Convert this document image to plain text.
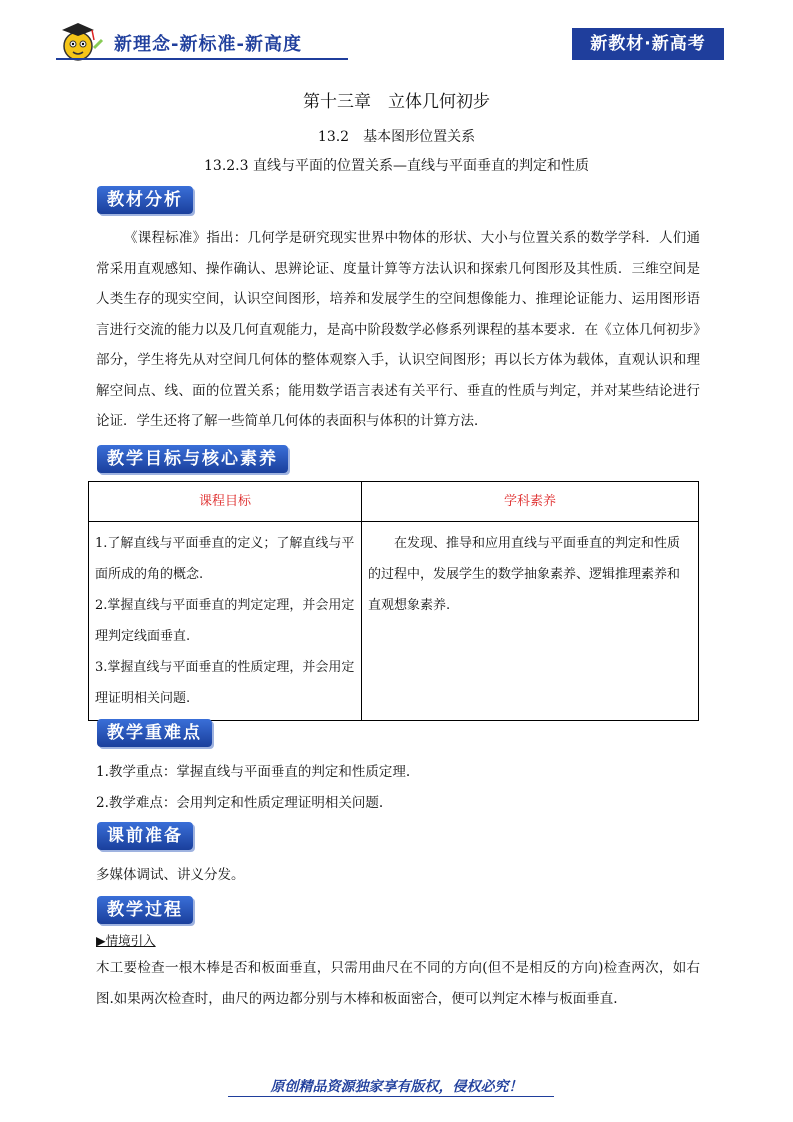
新理念-新标准-新高度	新教材·新高考
第十三章　立体几何初步
13.2　基本图形位置关系
13.2.3 直线与平面的位置关系—直线与平面垂直的判定和性质
教材分析
《课程标准》指出：几何学是研究现实世界中物体的形状、大小与位置关系的数学学科．人们通常采用直观感知、操作确认、思辨论证、度量计算等方法认识和探索几何图形及其性质．三维空间是人类生存的现实空间，认识空间图形，培养和发展学生的空间想像能力、推理论证能力、运用图形语言进行交流的能力以及几何直观能力，是高中阶段数学必修系列课程的基本要求．在《立体几何初步》部分，学生将先从对空间几何体的整体观察入手，认识空间图形；再以长方体为载体，直观认识和理解空间点、线、面的位置关系；能用数学语言表述有关平行、垂直的性质与判定，并对某些结论进行论证．学生还将了解一些简单几何体的表面积与体积的计算方法．
教学目标与核心素养
课程目标	学科素养

1.了解直线与平面垂直的定义；了解直线与平面所成的角的概念.
2.掌握直线与平面垂直的判定定理，并会用定理判定线面垂直.
3.掌握直线与平面垂直的性质定理，并会用定理证明相关问题.	在发现、推导和应用直线与平面垂直的判定和性质的过程中，发展学生的数学抽象素养、逻辑推理素养和直观想象素养.
教学重难点
1.教学重点：掌握直线与平面垂直的判定和性质定理.
2.教学难点：会用判定和性质定理证明相关问题.
课前准备
多媒体调试、讲义分发。
教学过程
▶情境引入
木工要检查一根木棒是否和板面垂直，只需用曲尺在不同的方向(但不是相反的方向)检查两次，如右图.如果两次检查时，曲尺的两边都分别与木棒和板面密合，便可以判定木棒与板面垂直.
原创精品资源独家享有版权，侵权必究！
